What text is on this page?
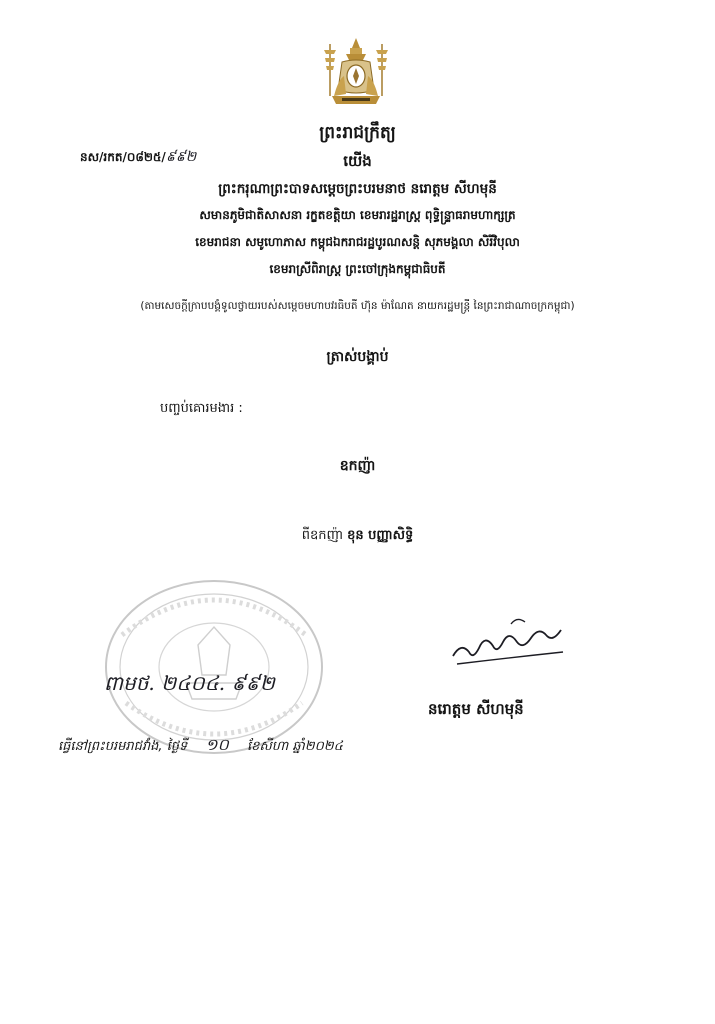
ព្រះរាជក្រឹត្យ
នស/រកត/០៨២៥/៩៩២	យើង
ព្រះករុណាព្រះបាទសម្តេចព្រះបរមនាថ នរោត្តម សីហមុនី
សមានភូមិជាតិសាសនា រក្ខតខត្តិយា ខេមរារដ្ឋរាស្ត្រ ពុទ្ធិន្ទ្រាធរាមហាក្សត្រ
ខេមរាជនា សមូហោភាស កម្ពុជឯករាជរដ្ឋបូរណសន្តិ សុភមង្គលា សិរីវិបុលា
ខេមរាស្រីពិរាស្ត្រ ព្រះចៅក្រុងកម្ពុជាធិបតី
(តាមសេចក្តីក្រាបបង្គំទូលថ្វាយរបស់សម្តេចមហាបវរធិបតី ហ៊ុន ម៉ាណែត នាយករដ្ឋមន្ត្រី នៃព្រះរាជាណាចក្រកម្ពុជា)
ត្រាស់បង្គាប់
បញ្ចប់គោរមងារ :
ឧកញ៉ា
ពីឧកញ៉ា ខុន បញ្ញាសិទ្ធិ
ពាមថ. ២៤០៤. ៩៩២
នរោត្តម សីហមុនី
ធ្វើនៅព្រះបរមរាជវាំង, ថ្ងៃទី ១០ ខែសីហា ឆ្នាំ២០២៤
